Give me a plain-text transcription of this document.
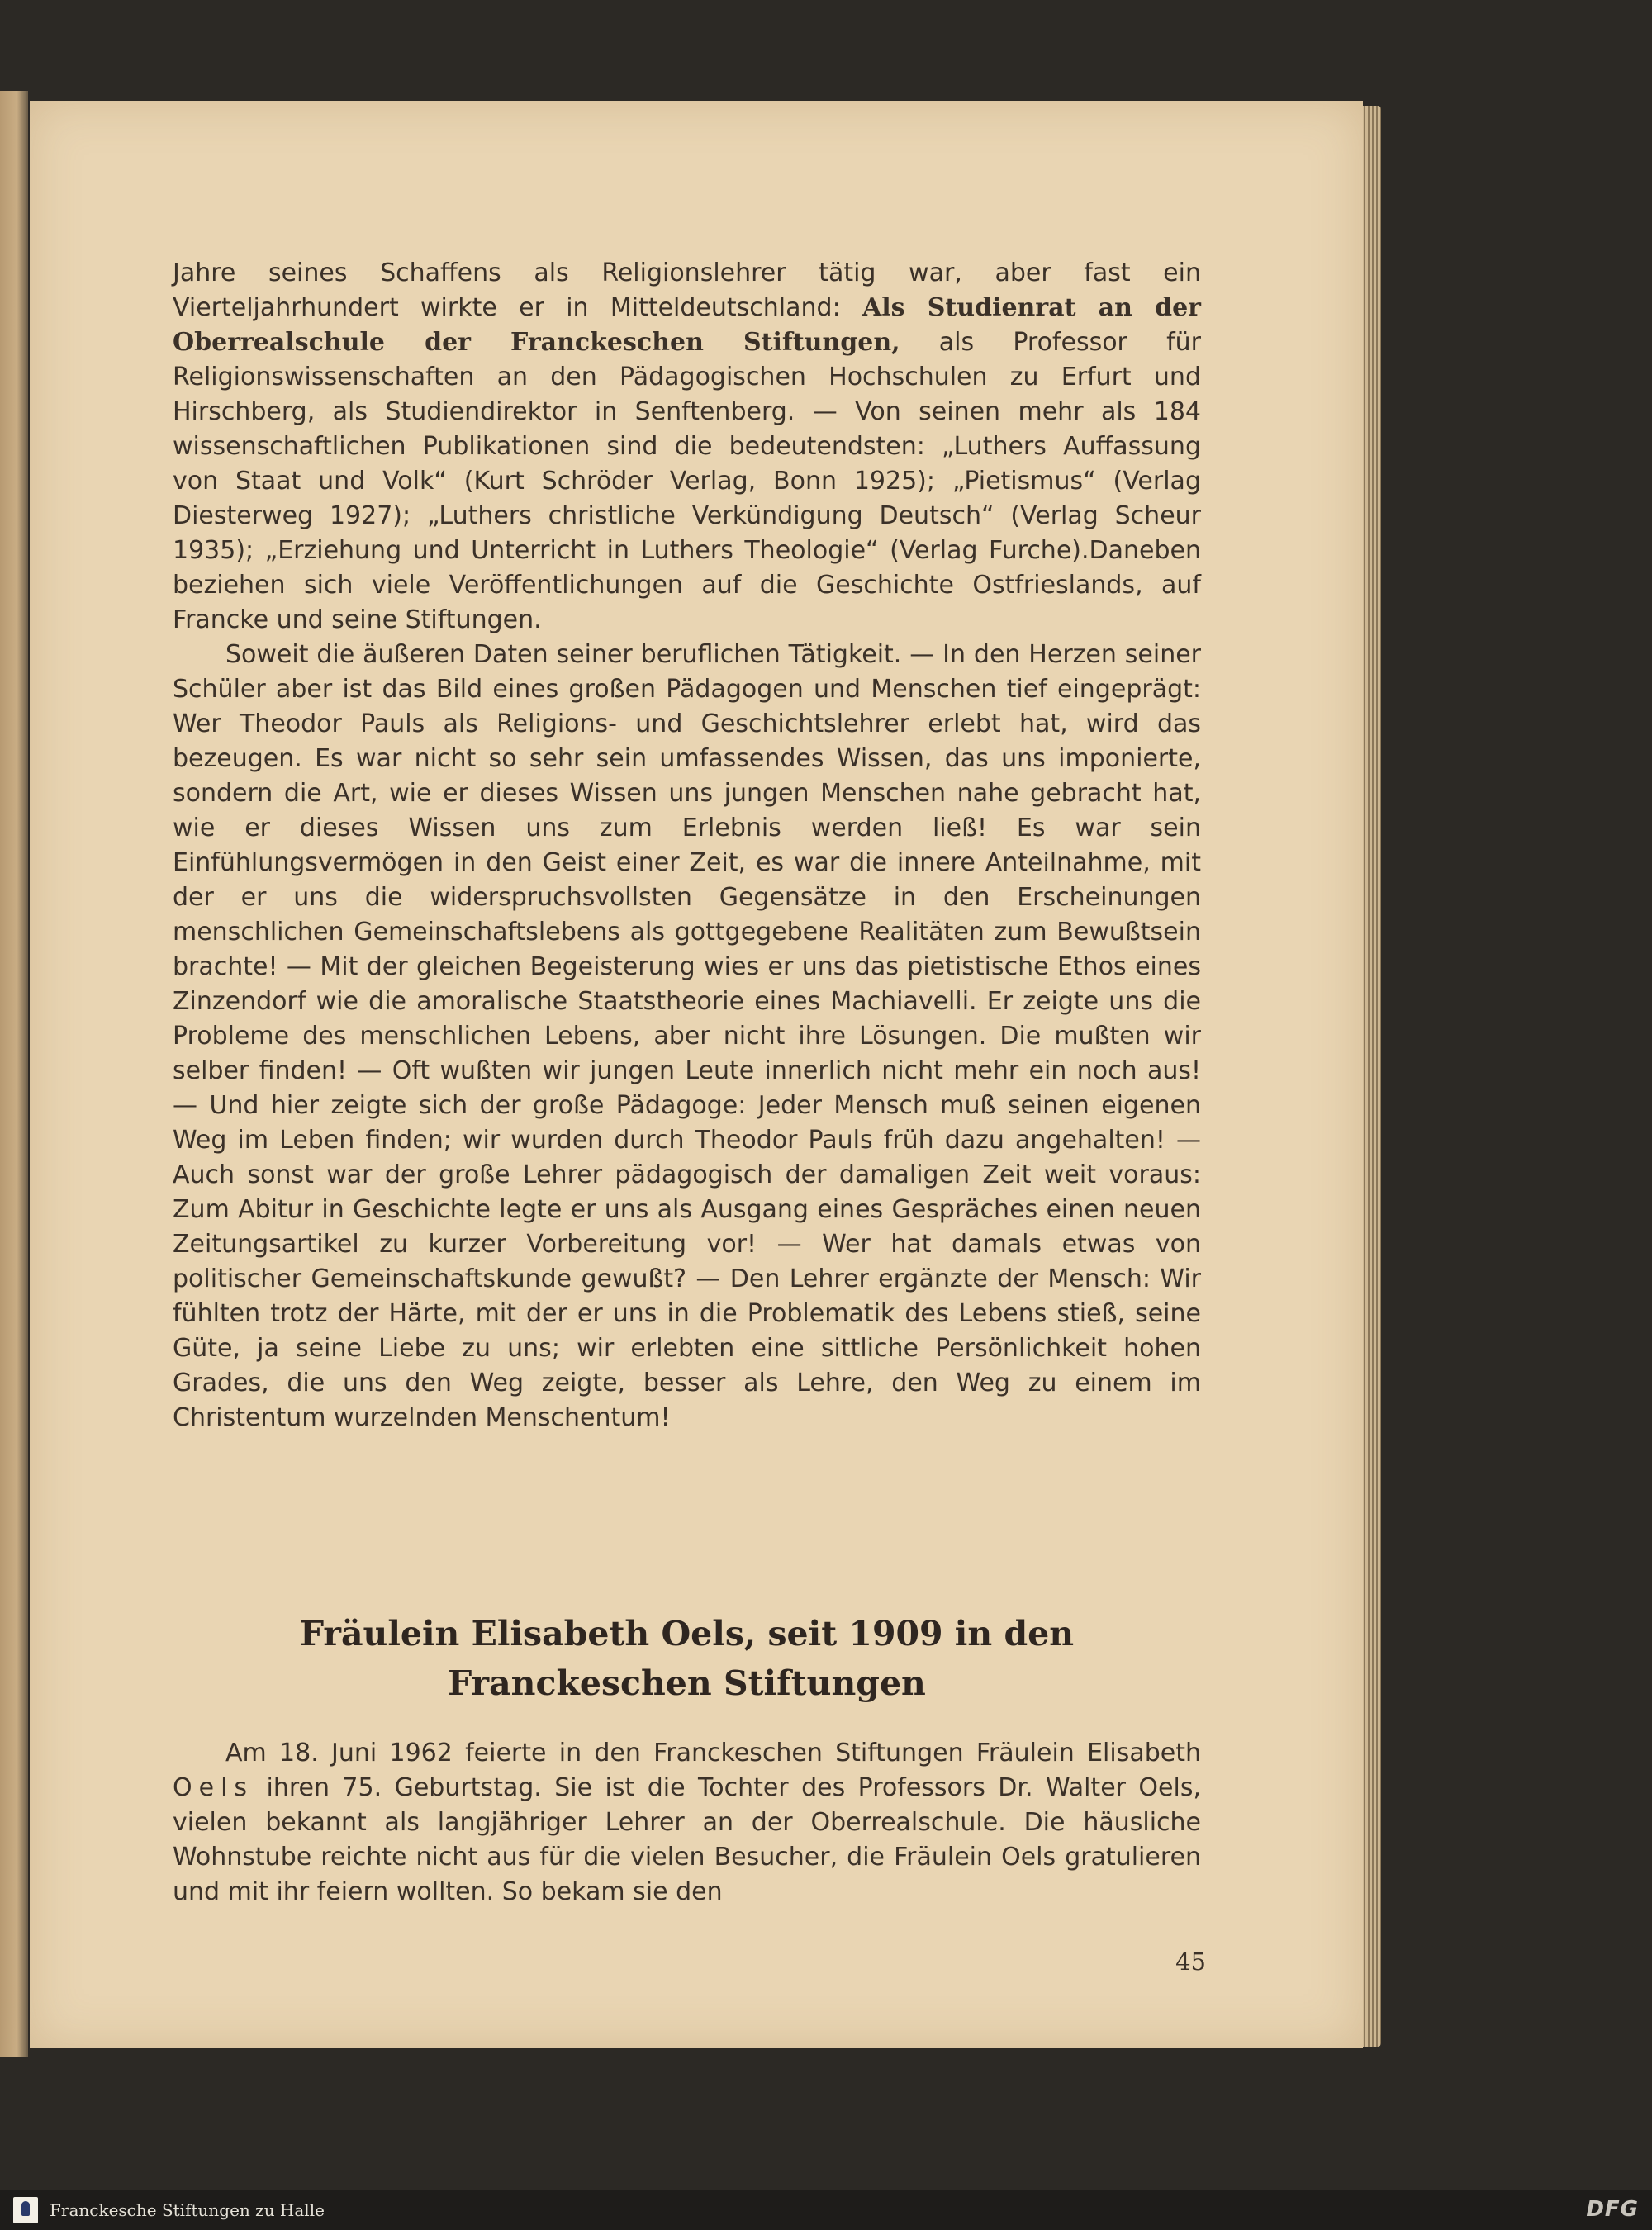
Jahre seines Schaffens als Religionslehrer tätig war, aber fast ein Vierteljahrhundert wirkte er in Mitteldeutschland: Als Studienrat an der Oberrealschule der Franckeschen Stiftungen, als Professor für Religionswissenschaften an den Pädagogischen Hochschulen zu Erfurt und Hirschberg, als Studiendirektor in Senftenberg. — Von seinen mehr als 184 wissenschaftlichen Publikationen sind die bedeutendsten: „Luthers Auffassung von Staat und Volk“ (Kurt Schröder Verlag, Bonn 1925); „Pietismus“ (Verlag Diesterweg 1927); „Luthers christliche Verkündigung Deutsch“ (Verlag Scheur 1935); „Erziehung und Unterricht in Luthers Theologie“ (Verlag Furche).Daneben beziehen sich viele Veröffentlichungen auf die Geschichte Ostfrieslands, auf Francke und seine Stiftungen.

Soweit die äußeren Daten seiner beruflichen Tätigkeit. — In den Herzen seiner Schüler aber ist das Bild eines großen Pädagogen und Menschen tief eingeprägt: Wer Theodor Pauls als Religions- und Geschichtslehrer erlebt hat, wird das bezeugen. Es war nicht so sehr sein umfassendes Wissen, das uns imponierte, sondern die Art, wie er dieses Wissen uns jungen Menschen nahe gebracht hat, wie er dieses Wissen uns zum Erlebnis werden ließ! Es war sein Einfühlungsvermögen in den Geist einer Zeit, es war die innere Anteilnahme, mit der er uns die widerspruchsvollsten Gegensätze in den Erscheinungen menschlichen Gemeinschaftslebens als gottgegebene Realitäten zum Bewußtsein brachte! — Mit der gleichen Begeisterung wies er uns das pietistische Ethos eines Zinzendorf wie die amoralische Staatstheorie eines Machiavelli. Er zeigte uns die Probleme des menschlichen Lebens, aber nicht ihre Lösungen. Die mußten wir selber finden! — Oft wußten wir jungen Leute innerlich nicht mehr ein noch aus! — Und hier zeigte sich der große Pädagoge: Jeder Mensch muß seinen eigenen Weg im Leben finden; wir wurden durch Theodor Pauls früh dazu angehalten! — Auch sonst war der große Lehrer pädagogisch der damaligen Zeit weit voraus: Zum Abitur in Geschichte legte er uns als Ausgang eines Gespräches einen neuen Zeitungsartikel zu kurzer Vorbereitung vor! — Wer hat damals etwas von politischer Gemeinschaftskunde gewußt? — Den Lehrer ergänzte der Mensch: Wir fühlten trotz der Härte, mit der er uns in die Problematik des Lebens stieß, seine Güte, ja seine Liebe zu uns; wir erlebten eine sittliche Persönlichkeit hohen Grades, die uns den Weg zeigte, besser als Lehre, den Weg zu einem im Christentum wurzelnden Menschentum!

Fräulein Elisabeth Oels, seit 1909 in den
Franckeschen Stiftungen

Am 18. Juni 1962 feierte in den Franckeschen Stiftungen Fräulein Elisabeth Oels ihren 75. Geburtstag. Sie ist die Tochter des Professors Dr. Walter Oels, vielen bekannt als langjähriger Lehrer an der Oberrealschule. Die häusliche Wohnstube reichte nicht aus für die vielen Besucher, die Fräulein Oels gratulieren und mit ihr feiern wollten. So bekam sie den

45
Franckesche Stiftungen zu Halle	DFG
